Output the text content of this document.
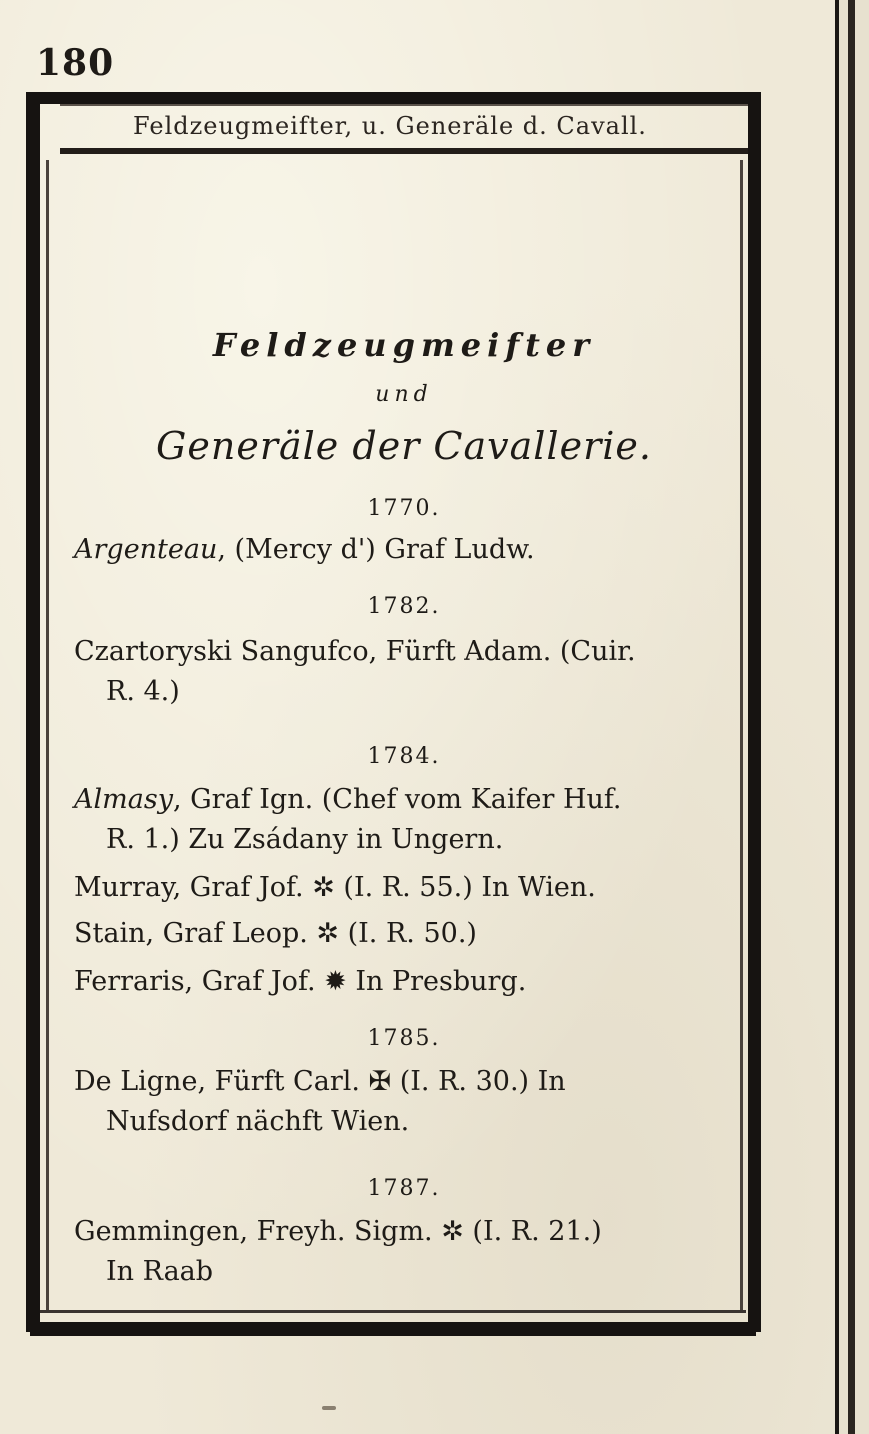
180
Feldzeugmeifter, u. Generäle d. Cavall.
Feldzeugmeifter
und
Generäle der Cavallerie.
1770.
Argenteau, (Mercy d') Graf Ludw.
1782.
Czartoryski Sangufco, Fürft Adam. (Cuir.
R. 4.)
1784.
Almasy, Graf Ign. (Chef vom Kaifer Huf.
R. 1.) Zu Zsádany in Ungern.
Murray, Graf Jof. ✲ (I. R. 55.) In Wien.
Stain, Graf Leop. ✲ (I. R. 50.)
Ferraris, Graf Jof. ✹ In Presburg.
1785.
De Ligne, Fürft Carl. ✠ (I. R. 30.) In
Nufsdorf nächft Wien.
1787.
Gemmingen, Freyh. Sigm. ✲ (I. R. 21.)
In Raab
